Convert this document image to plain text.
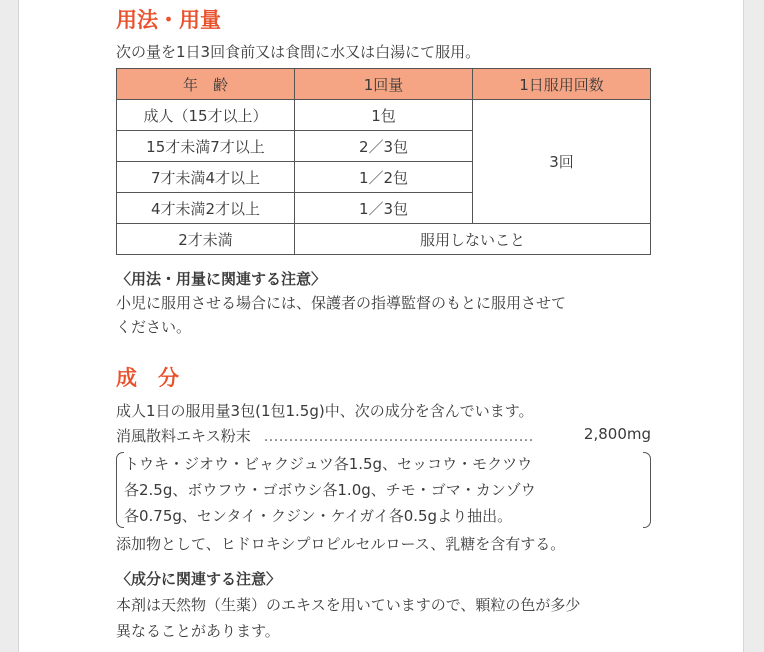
用法・用量
次の量を1日3回食前又は食間に水又は白湯にて服用。
年　齢	1回量	1日服用回数
成人（15才以上）	1包	3回
15才未満7才以上	2／3包	
7才未満4才以上	1／2包	
4才未満2才以上	1／3包	
2才未満	服用しないこと	
〈用法・用量に関連する注意〉
小児に服用させる場合には、保護者の指導監督のもとに服用させて
ください。
成　分
成人1日の服用量3包(1包1.5g)中、次の成分を含んでいます。
消風散料エキス粉末 ………………………………………………	2,800mg
トウキ・ジオウ・ビャクジュツ各1.5g、セッコウ・モクツウ
各2.5g、ボウフウ・ゴボウシ各1.0g、チモ・ゴマ・カンゾウ
各0.75g、センタイ・クジン・ケイガイ各0.5gより抽出。
添加物として、ヒドロキシプロピルセルロース、乳糖を含有する。
〈成分に関連する注意〉
本剤は天然物（生薬）のエキスを用いていますので、顆粒の色が多少
異なることがあります。
